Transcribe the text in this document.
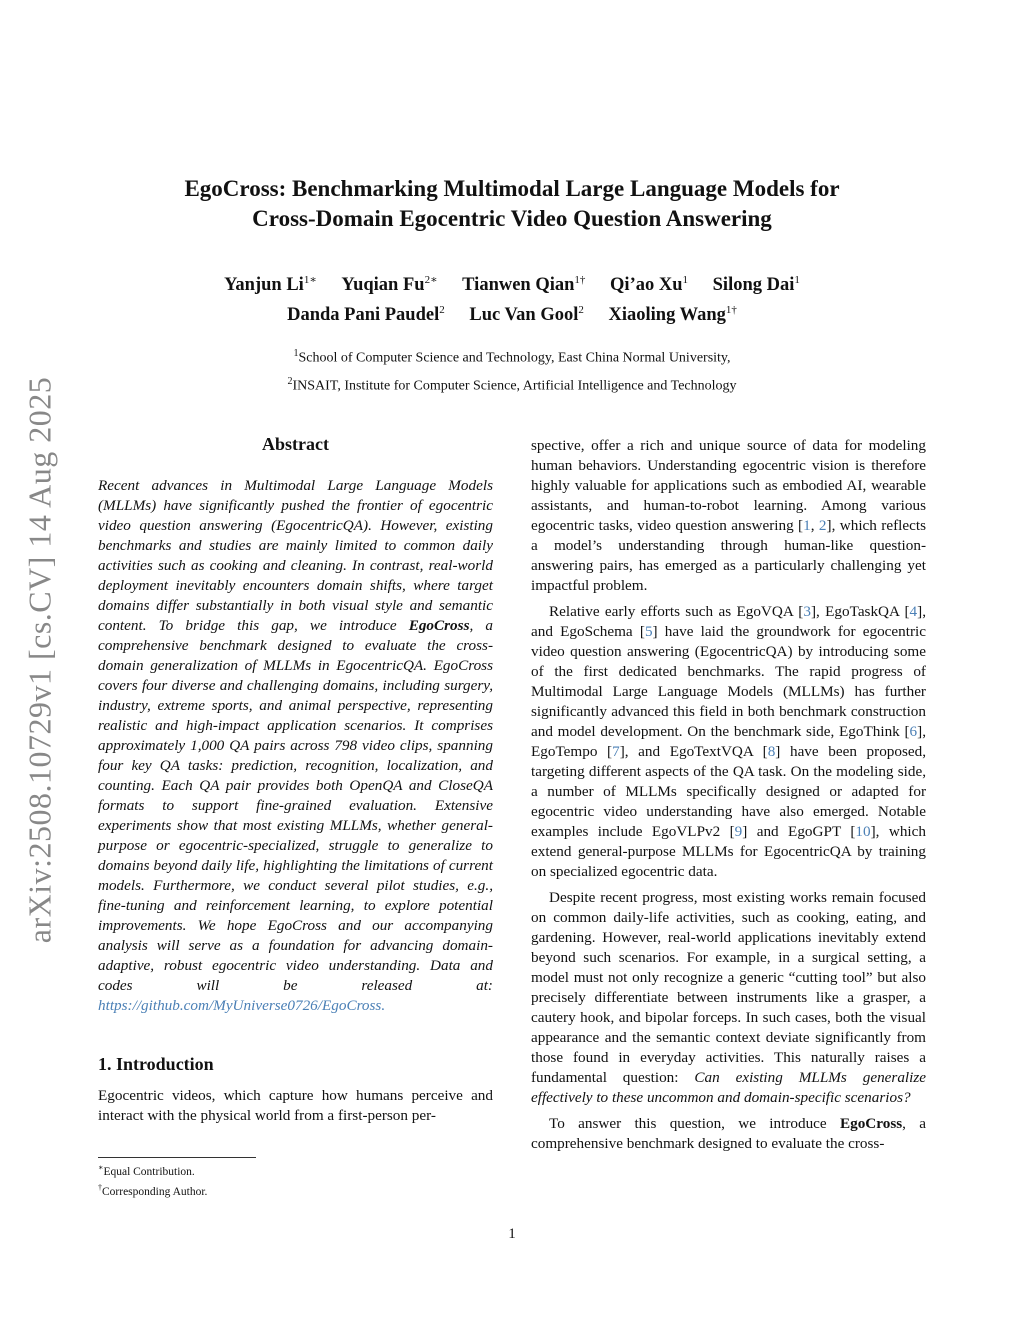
arXiv:2508.10729v1 [cs.CV] 14 Aug 2025
EgoCross: Benchmarking Multimodal Large Language Models for
Cross-Domain Egocentric Video Question Answering
Yanjun $Li^{1∗}$ Yuqian $Fu^{2∗}$ Tianwen Qian$^{1\dagger}$ Qi’ao Xu$^1$ Silong Dai$^1$
Danda Pani Paudel$^2$ Luc Van Gool$^2$ Xiaoling Wang$^{1\dagger}$
$^1$School of Computer Science and Technology, East China Normal University,
$^2$INSAIT, Institute for Computer Science, Artificial Intelligence and Technology
Abstract

Recent advances in Multimodal Large Language Models (MLLMs) have significantly pushed the frontier of egocentric video question answering (EgocentricQA). However, existing benchmarks and studies are mainly limited to common daily activities such as cooking and cleaning. In contrast, real-world deployment inevitably encounters domain shifts, where target domains differ substantially in both visual style and semantic content. To bridge this gap, we introduce EgoCross, a comprehensive benchmark designed to evaluate the cross-domain generalization of MLLMs in EgocentricQA. EgoCross covers four diverse and challenging domains, including surgery, industry, extreme sports, and animal perspective, representing realistic and high-impact application scenarios. It comprises approximately 1,000 QA pairs across 798 video clips, spanning four key QA tasks: prediction, recognition, localization, and counting. Each QA pair provides both OpenQA and CloseQA formats to support fine-grained evaluation. Extensive experiments show that most existing MLLMs, whether general-purpose or egocentric-specialized, struggle to generalize to domains beyond daily life, highlighting the limitations of current models. Furthermore, we conduct several pilot studies, e.g., fine-tuning and reinforcement learning, to explore potential improvements. We hope EgoCross and our accompanying analysis will serve as a foundation for advancing domain-adaptive, robust egocentric video understanding. Data and codes will be released at: https://github.com/MyUniverse0726/EgoCross.

1. Introduction

Egocentric videos, which capture how humans perceive and interact with the physical world from a first-person per-

spective, offer a rich and unique source of data for modeling human behaviors. Understanding egocentric vision is therefore highly valuable for applications such as embodied AI, wearable assistants, and human-to-robot learning. Among various egocentric tasks, video question answering [1, 2], which reflects a model’s understanding through human-like question-answering pairs, has emerged as a particularly challenging yet impactful problem.

Relative early efforts such as EgoVQA [3], EgoTaskQA [4], and EgoSchema [5] have laid the groundwork for egocentric video question answering (EgocentricQA) by introducing some of the first dedicated benchmarks. The rapid progress of Multimodal Large Language Models (MLLMs) has further significantly advanced this field in both benchmark construction and model development. On the benchmark side, EgoThink [6], EgoTempo [7], and EgoTextVQA [8] have been proposed, targeting different aspects of the QA task. On the modeling side, a number of MLLMs specifically designed or adapted for egocentric video understanding have also emerged. Notable examples include EgoVLPv2 [9] and EgoGPT [10], which extend general-purpose MLLMs for EgocentricQA by training on specialized egocentric data.

Despite recent progress, most existing works remain focused on common daily-life activities, such as cooking, eating, and gardening. However, real-world applications inevitably extend beyond such scenarios. For example, in a surgical setting, a model must not only recognize a generic “cutting tool” but also precisely differentiate between instruments like a grasper, a cautery hook, and bipolar forceps. In such cases, both the visual appearance and the semantic context deviate significantly from those found in everyday activities. This naturally raises a fundamental question: Can existing MLLMs generalize effectively to these uncommon and domain-specific scenarios?

To answer this question, we introduce EgoCross, a comprehensive benchmark designed to evaluate the cross-

∗Equal Contribution.
†Corresponding Author.
1
